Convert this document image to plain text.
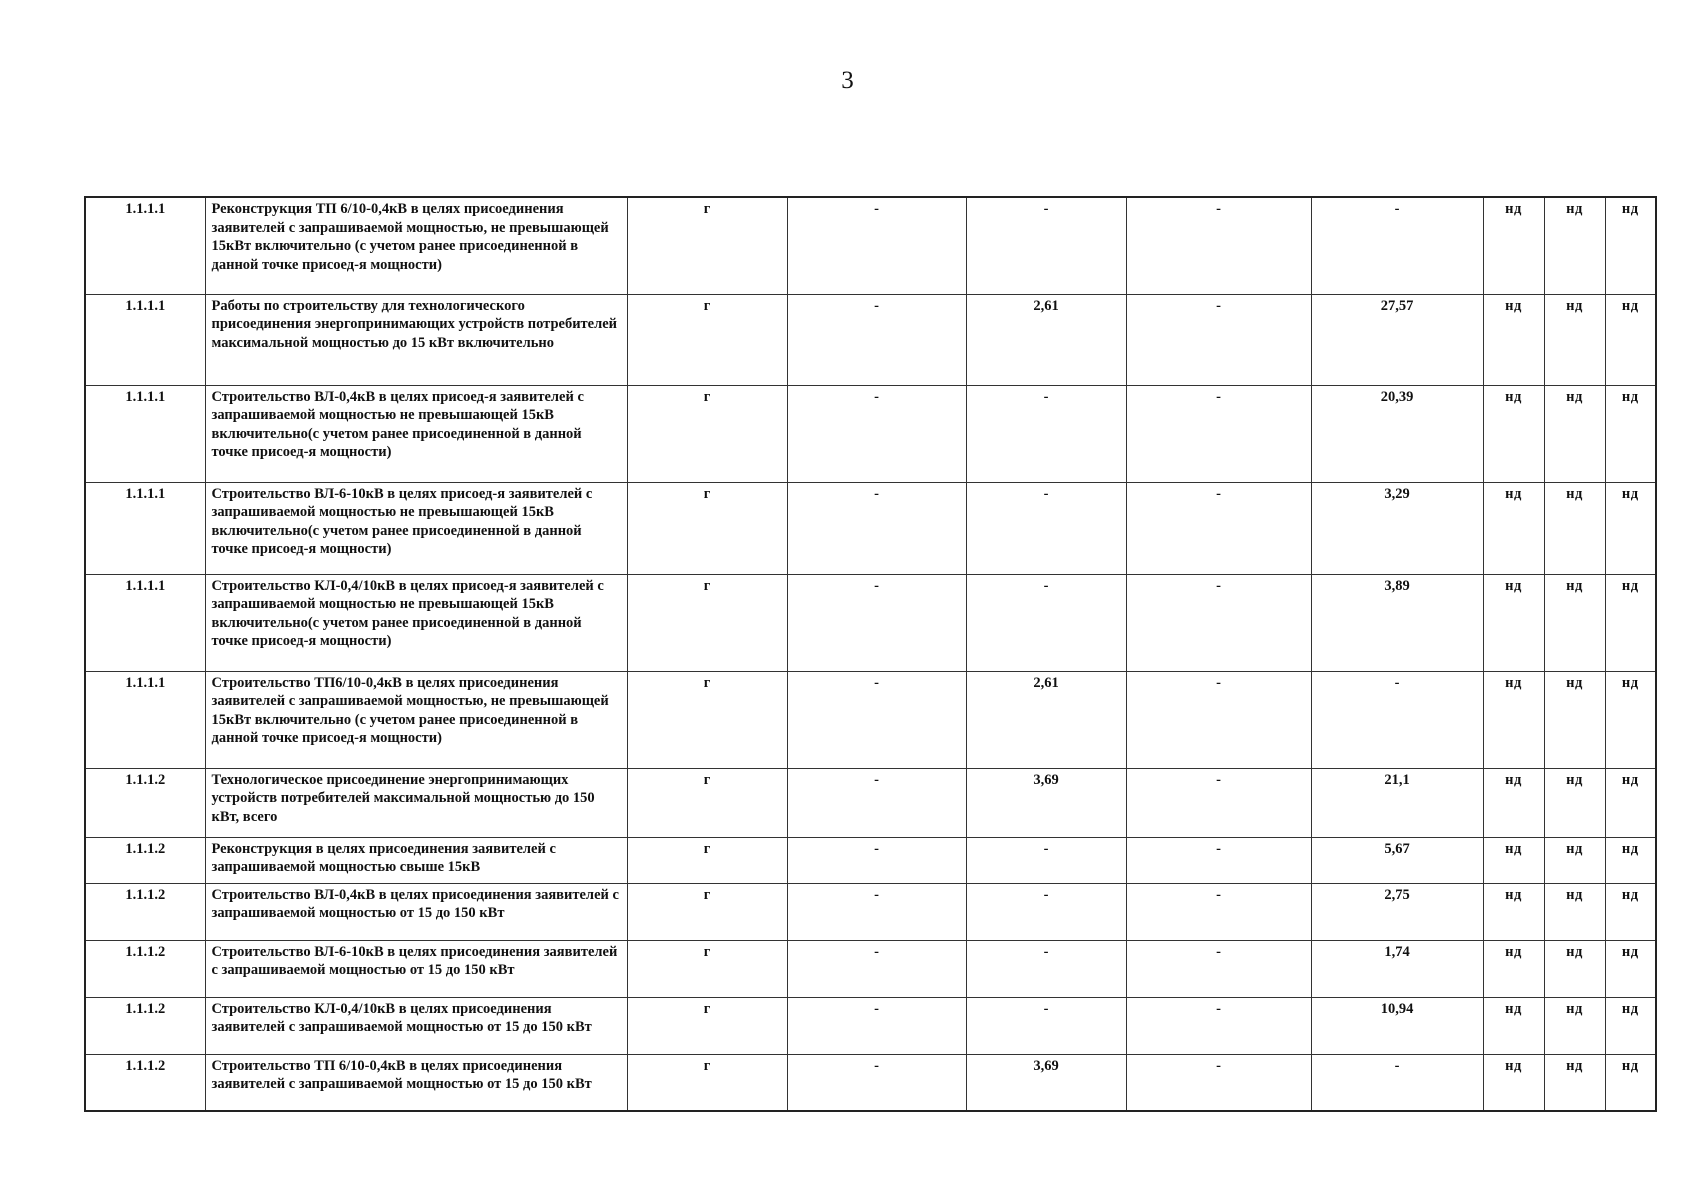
3
1.1.1.1	Реконструкция ТП 6/10-0,4кВ в целях присоединения заявителей с запрашиваемой мощностью, не превышающей 15кВт включительно (с учетом ранее присоединенной в данной точке присоед-я мощности)	г	-	-	-	-	нд	нд	нд
1.1.1.1	Работы по строительству для технологического присоединения энергопринимающих устройств потребителей максимальной мощностью до 15 кВт включительно	г	-	2,61	-	27,57	нд	нд	нд
1.1.1.1	Строительство ВЛ-0,4кВ в целях присоед-я заявителей с запрашиваемой мощностью не превышающей 15кВ включительно(с учетом ранее присоединенной в данной точке присоед-я мощности)	г	-	-	-	20,39	нд	нд	нд
1.1.1.1	Строительство ВЛ-6-10кВ в целях присоед-я заявителей с запрашиваемой мощностью не превышающей 15кВ включительно(с учетом ранее присоединенной в данной точке присоед-я мощности)	г	-	-	-	3,29	нд	нд	нд
1.1.1.1	Строительство КЛ-0,4/10кВ в целях присоед-я заявителей с запрашиваемой мощностью не превышающей 15кВ включительно(с учетом ранее присоединенной в данной точке присоед-я мощности)	г	-	-	-	3,89	нд	нд	нд
1.1.1.1	Строительство ТП6/10-0,4кВ в целях присоединения заявителей с запрашиваемой мощностью, не превышающей 15кВт включительно (с учетом ранее присоединенной в данной точке присоед-я мощности)	г	-	2,61	-	-	нд	нд	нд
1.1.1.2	Технологическое присоединение энергопринимающих устройств потребителей максимальной мощностью до 150 кВт, всего	г	-	3,69	-	21,1	нд	нд	нд
1.1.1.2	Реконструкция в целях присоединения заявителей с запрашиваемой мощностью свыше 15кВ	г	-	-	-	5,67	нд	нд	нд
1.1.1.2	Строительство ВЛ-0,4кВ в целях присоединения заявителей с запрашиваемой мощностью от 15 до 150 кВт	г	-	-	-	2,75	нд	нд	нд
1.1.1.2	Строительство ВЛ-6-10кВ в целях присоединения заявителей с запрашиваемой мощностью от 15 до 150 кВт	г	-	-	-	1,74	нд	нд	нд
1.1.1.2	Строительство КЛ-0,4/10кВ в целях присоединения заявителей с запрашиваемой мощностью от 15 до 150 кВт	г	-	-	-	10,94	нд	нд	нд
1.1.1.2	Строительство ТП 6/10-0,4кВ в целях присоединения заявителей с запрашиваемой мощностью от 15 до 150 кВт	г	-	3,69	-	-	нд	нд	нд
